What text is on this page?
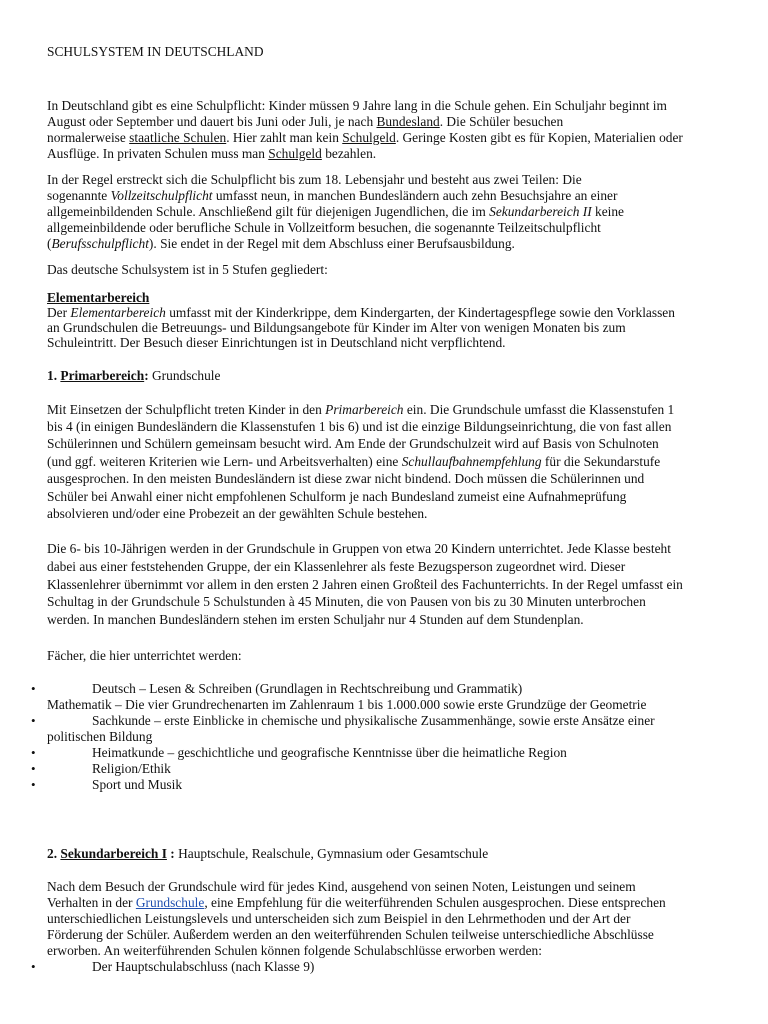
SCHULSYSTEM IN DEUTSCHLAND
In Deutschland gibt es eine Schulpflicht: Kinder müssen 9 Jahre lang in die Schule gehen. Ein Schuljahr beginnt im
August oder September und dauert bis Juni oder Juli, je nach Bundesland. Die Schüler besuchen
normalerweise staatliche Schulen. Hier zahlt man kein Schulgeld. Geringe Kosten gibt es für Kopien, Materialien oder
Ausflüge. In privaten Schulen muss man Schulgeld bezahlen.
In der Regel erstreckt sich die Schulpflicht bis zum 18. Lebensjahr und besteht aus zwei Teilen: Die
sogenannte Vollzeitschulpflicht umfasst neun, in manchen Bundesländern auch zehn Besuchsjahre an einer
allgemeinbildenden Schule. Anschließend gilt für diejenigen Jugendlichen, die im Sekundarbereich II keine
allgemeinbildende oder berufliche Schule in Vollzeitform besuchen, die sogenannte Teilzeitschulpflicht
(Berufsschulpflicht). Sie endet in der Regel mit dem Abschluss einer Berufsausbildung.
Das deutsche Schulsystem ist in 5 Stufen gegliedert:
Elementarbereich
Der Elementarbereich umfasst mit der Kinderkrippe, dem Kindergarten, der Kindertagespflege sowie den Vorklassen
an Grundschulen die Betreuungs- und Bildungsangebote für Kinder im Alter von wenigen Monaten bis zum
Schuleintritt. Der Besuch dieser Einrichtungen ist in Deutschland nicht verpflichtend.
1. Primarbereich: Grundschule
Mit Einsetzen der Schulpflicht treten Kinder in den Primarbereich ein. Die Grundschule umfasst die Klassenstufen 1
bis 4 (in einigen Bundesländern die Klassenstufen 1 bis 6) und ist die einzige Bildungseinrichtung, die von fast allen
Schülerinnen und Schülern gemeinsam besucht wird. Am Ende der Grundschulzeit wird auf Basis von Schulnoten
(und ggf. weiteren Kriterien wie Lern- und Arbeitsverhalten) eine Schullaufbahnempfehlung für die Sekundarstufe
ausgesprochen. In den meisten Bundesländern ist diese zwar nicht bindend. Doch müssen die Schülerinnen und
Schüler bei Anwahl einer nicht empfohlenen Schulform je nach Bundesland zumeist eine Aufnahmeprüfung
absolvieren und/oder eine Probezeit an der gewählten Schule bestehen.
Die 6- bis 10-Jährigen werden in der Grundschule in Gruppen von etwa 20 Kindern unterrichtet. Jede Klasse besteht
dabei aus einer feststehenden Gruppe, der ein Klassenlehrer als feste Bezugsperson zugeordnet wird. Dieser
Klassenlehrer übernimmt vor allem in den ersten 2 Jahren einen Großteil des Fachunterrichts. In der Regel umfasst ein
Schultag in der Grundschule 5 Schulstunden à 45 Minuten, die von Pausen von bis zu 30 Minuten unterbrochen
werden. In manchen Bundesländern stehen im ersten Schuljahr nur 4 Stunden auf dem Stundenplan.
Fächer, die hier unterrichtet werden:
•	Deutsch – Lesen & Schreiben (Grundlagen in Rechtschreibung und Grammatik)
Mathematik – Die vier Grundrechenarten im Zahlenraum 1 bis 1.000.000 sowie erste Grundzüge der Geometrie
•	Sachkunde – erste Einblicke in chemische und physikalische Zusammenhänge, sowie erste Ansätze einer
politischen Bildung
•	Heimatkunde – geschichtliche und geografische Kenntnisse über die heimatliche Region
•	Religion/Ethik
•	Sport und Musik
2. Sekundarbereich I : Hauptschule, Realschule, Gymnasium oder Gesamtschule
Nach dem Besuch der Grundschule wird für jedes Kind, ausgehend von seinen Noten, Leistungen und seinem
Verhalten in der Grundschule, eine Empfehlung für die weiterführenden Schulen ausgesprochen. Diese entsprechen
unterschiedlichen Leistungslevels und unterscheiden sich zum Beispiel in den Lehrmethoden und der Art der
Förderung der Schüler. Außerdem werden an den weiterführenden Schulen teilweise unterschiedliche Abschlüsse
erworben. An weiterführenden Schulen können folgende Schulabschlüsse erworben werden:
•	Der Hauptschulabschluss (nach Klasse 9)
